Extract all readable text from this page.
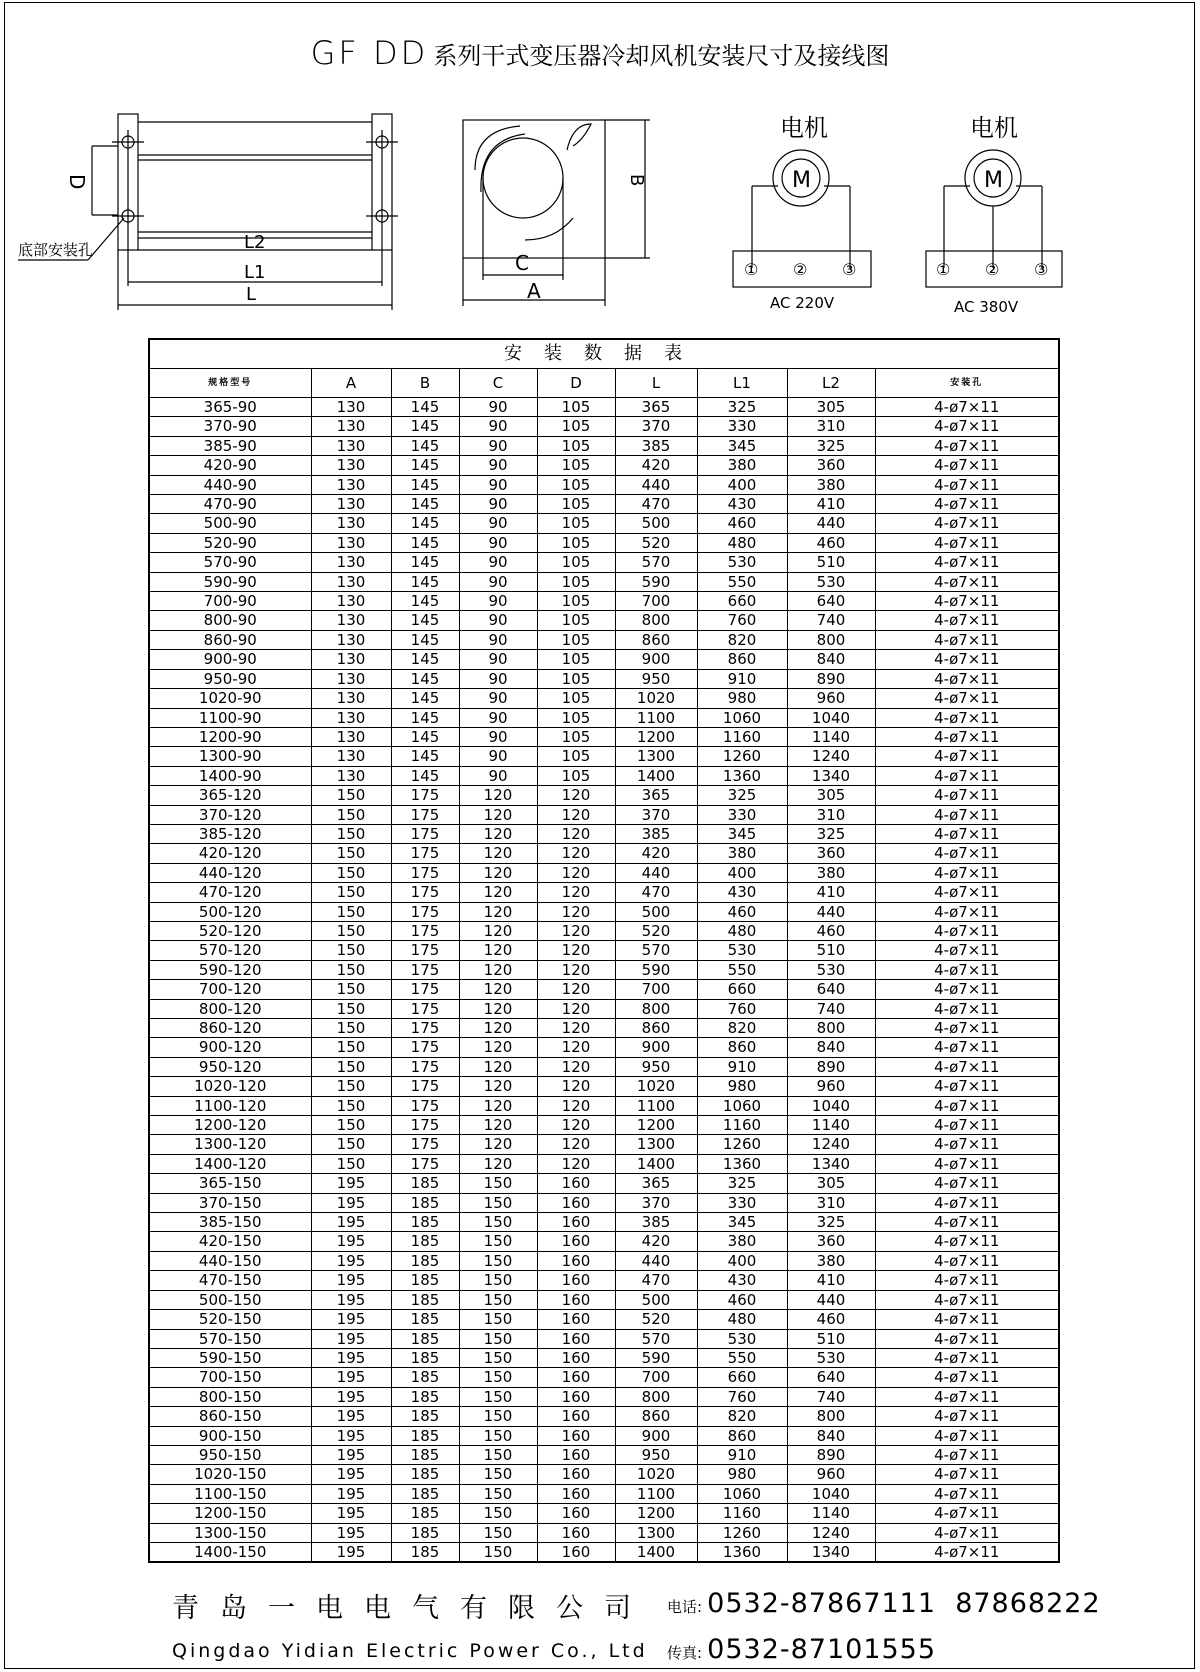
GF DD 系列干式变压器冷却风机安装尺寸及接线图
D
L2
L1
L
底部安装孔
B
C
A
电机
M
① ② ③
AC 220V
电机
M
① ② ③
AC 380V
安装数据表								
规格型号	A	B	C	D	L	L1	L2	安装孔
365-90	130	145	90	105	365	325	305	4-ø7×11
370-90	130	145	90	105	370	330	310	4-ø7×11
385-90	130	145	90	105	385	345	325	4-ø7×11
420-90	130	145	90	105	420	380	360	4-ø7×11
440-90	130	145	90	105	440	400	380	4-ø7×11
470-90	130	145	90	105	470	430	410	4-ø7×11
500-90	130	145	90	105	500	460	440	4-ø7×11
520-90	130	145	90	105	520	480	460	4-ø7×11
570-90	130	145	90	105	570	530	510	4-ø7×11
590-90	130	145	90	105	590	550	530	4-ø7×11
700-90	130	145	90	105	700	660	640	4-ø7×11
800-90	130	145	90	105	800	760	740	4-ø7×11
860-90	130	145	90	105	860	820	800	4-ø7×11
900-90	130	145	90	105	900	860	840	4-ø7×11
950-90	130	145	90	105	950	910	890	4-ø7×11
1020-90	130	145	90	105	1020	980	960	4-ø7×11
1100-90	130	145	90	105	1100	1060	1040	4-ø7×11
1200-90	130	145	90	105	1200	1160	1140	4-ø7×11
1300-90	130	145	90	105	1300	1260	1240	4-ø7×11
1400-90	130	145	90	105	1400	1360	1340	4-ø7×11
365-120	150	175	120	120	365	325	305	4-ø7×11
370-120	150	175	120	120	370	330	310	4-ø7×11
385-120	150	175	120	120	385	345	325	4-ø7×11
420-120	150	175	120	120	420	380	360	4-ø7×11
440-120	150	175	120	120	440	400	380	4-ø7×11
470-120	150	175	120	120	470	430	410	4-ø7×11
500-120	150	175	120	120	500	460	440	4-ø7×11
520-120	150	175	120	120	520	480	460	4-ø7×11
570-120	150	175	120	120	570	530	510	4-ø7×11
590-120	150	175	120	120	590	550	530	4-ø7×11
700-120	150	175	120	120	700	660	640	4-ø7×11
800-120	150	175	120	120	800	760	740	4-ø7×11
860-120	150	175	120	120	860	820	800	4-ø7×11
900-120	150	175	120	120	900	860	840	4-ø7×11
950-120	150	175	120	120	950	910	890	4-ø7×11
1020-120	150	175	120	120	1020	980	960	4-ø7×11
1100-120	150	175	120	120	1100	1060	1040	4-ø7×11
1200-120	150	175	120	120	1200	1160	1140	4-ø7×11
1300-120	150	175	120	120	1300	1260	1240	4-ø7×11
1400-120	150	175	120	120	1400	1360	1340	4-ø7×11
365-150	195	185	150	160	365	325	305	4-ø7×11
370-150	195	185	150	160	370	330	310	4-ø7×11
385-150	195	185	150	160	385	345	325	4-ø7×11
420-150	195	185	150	160	420	380	360	4-ø7×11
440-150	195	185	150	160	440	400	380	4-ø7×11
470-150	195	185	150	160	470	430	410	4-ø7×11
500-150	195	185	150	160	500	460	440	4-ø7×11
520-150	195	185	150	160	520	480	460	4-ø7×11
570-150	195	185	150	160	570	530	510	4-ø7×11
590-150	195	185	150	160	590	550	530	4-ø7×11
700-150	195	185	150	160	700	660	640	4-ø7×11
800-150	195	185	150	160	800	760	740	4-ø7×11
860-150	195	185	150	160	860	820	800	4-ø7×11
900-150	195	185	150	160	900	860	840	4-ø7×11
950-150	195	185	150	160	950	910	890	4-ø7×11
1020-150	195	185	150	160	1020	980	960	4-ø7×11
1100-150	195	185	150	160	1100	1060	1040	4-ø7×11
1200-150	195	185	150	160	1200	1160	1140	4-ø7×11
1300-150	195	185	150	160	1300	1260	1240	4-ø7×11
1400-150	195	185	150	160	1400	1360	1340	4-ø7×11
青岛一电电气有限公司 电话: 0532-87867111  87868222
Qingdao Yidian Electric Power Co., Ltd 传真: 0532-87101555
